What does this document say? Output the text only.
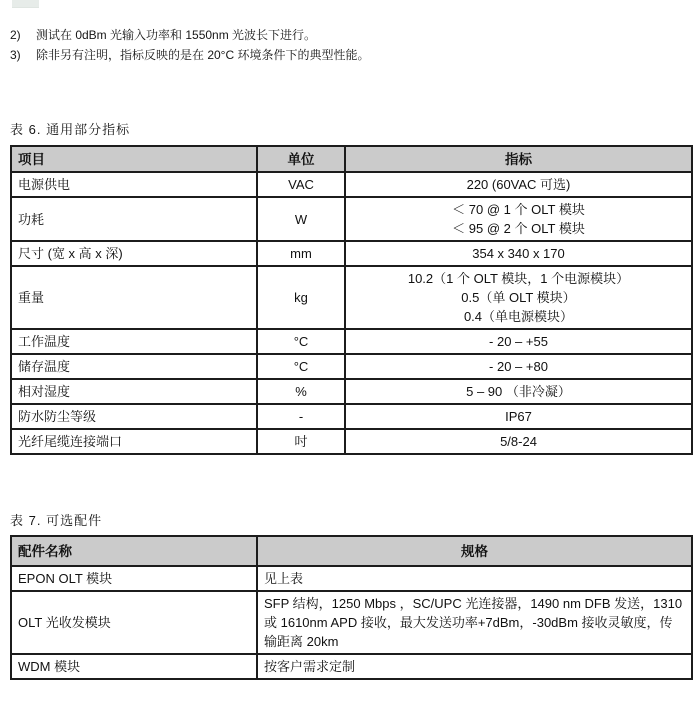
2)	测试在 0dBm 光输入功率和 1550nm 光波长下进行。
3)	除非另有注明，指标反映的是在 20°C 环境条件下的典型性能。
表 6. 通用部分指标
项目	单位	指标
电源供电	VAC	220 (60VAC 可选)
功耗	W	＜ 70 @ 1 个 OLT 模块
＜ 95 @ 2 个 OLT 模块

尺寸 (宽 x 高 x 深)	mm	354 x 340 x 170
重量	kg	10.2（1 个 OLT 模块，1 个电源模块）
0.5（单 OLT 模块）
0.4（单电源模块）

工作温度	°C	- 20 – +55
储存温度	°C	- 20 – +80
相对湿度	%	5 – 90 （非冷凝）
防水防尘等级	-	IP67
光纤尾缆连接端口	吋	5/8-24
表 7. 可选配件
配件名称	规格
EPON OLT 模块	见上表
OLT 光收发模块	SFP 结构，1250 Mbps ，SC/UPC 光连接器，1490 nm DFB 发送，1310 或 1610nm APD 接收，最大发送功率+7dBm，-30dBm 接收灵敏度，传输距离 20km
WDM 模块	按客户需求定制
